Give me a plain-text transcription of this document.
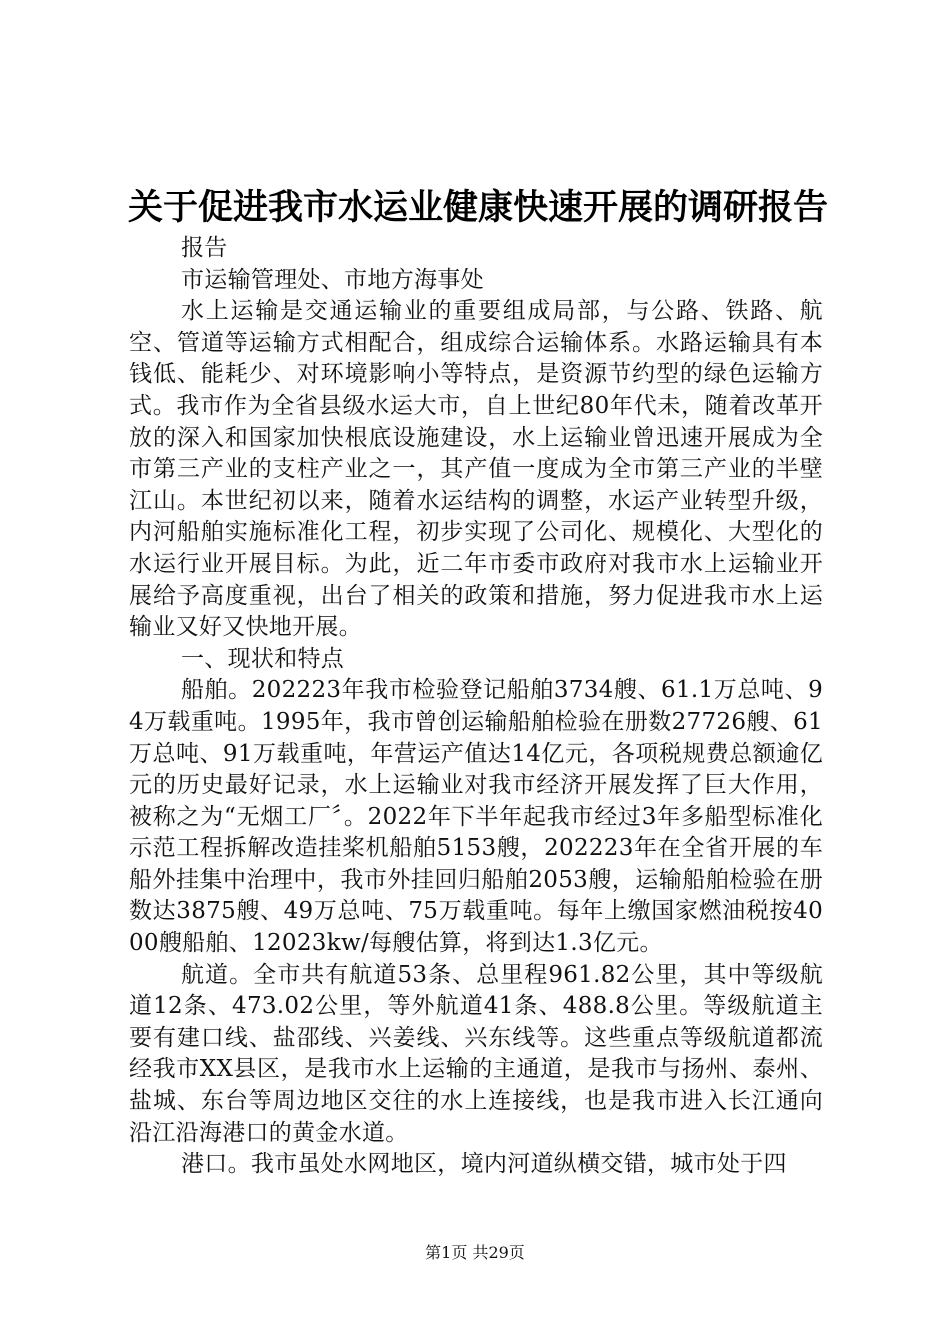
关于促进我市水运业健康快速开展的调研报告

报告

市运输管理处、市地方海事处

水上运输是交通运输业的重要组成局部，与公路、铁路、航空、管道等运输方式相配合，组成综合运输体系。水路运输具有本钱低、能耗少、对环境影响小等特点，是资源节约型的绿色运输方式。我市作为全省县级水运大市，自上世纪80年代未，随着改革开放的深入和国家加快根底设施建设，水上运输业曾迅速开展成为全市第三产业的支柱产业之一，其产值一度成为全市第三产业的半壁江山。本世纪初以来，随着水运结构的调整，水运产业转型升级，内河船舶实施标准化工程，初步实现了公司化、规模化、大型化的水运行业开展目标。为此，近二年市委市政府对我市水上运输业开展给予高度重视，出台了相关的政策和措施，努力促进我市水上运输业又好又快地开展。

一、现状和特点

船舶。202223年我市检验登记船舶3734艘、61.1万总吨、94万载重吨。1995年，我市曾创运输船舶检验在册数27726艘、61万总吨、91万载重吨，年营运产值达14亿元，各项税规费总额逾亿元的历史最好记录，水上运输业对我市经济开展发挥了巨大作用，被称之为“无烟工厂〞。2022年下半年起我市经过3年多船型标准化示范工程拆解改造挂桨机船舶5153艘，202223年在全省开展的车船外挂集中治理中，我市外挂回归船舶2053艘，运输船舶检验在册数达3875艘、49万总吨、75万载重吨。每年上缴国家燃油税按4000艘船舶、12023kw/每艘估算，将到达1.3亿元。

航道。全市共有航道53条、总里程961.82公里，其中等级航道12条、473.02公里，等外航道41条、488.8公里。等级航道主要有建口线、盐邵线、兴姜线、兴东线等。这些重点等级航道都流经我市XX县区，是我市水上运输的主通道，是我市与扬州、泰州、盐城、东台等周边地区交往的水上连接线，也是我市进入长江通向沿江沿海港口的黄金水道。

港口。我市虽处水网地区，境内河道纵横交错，城市处于四

第1页 共29页
